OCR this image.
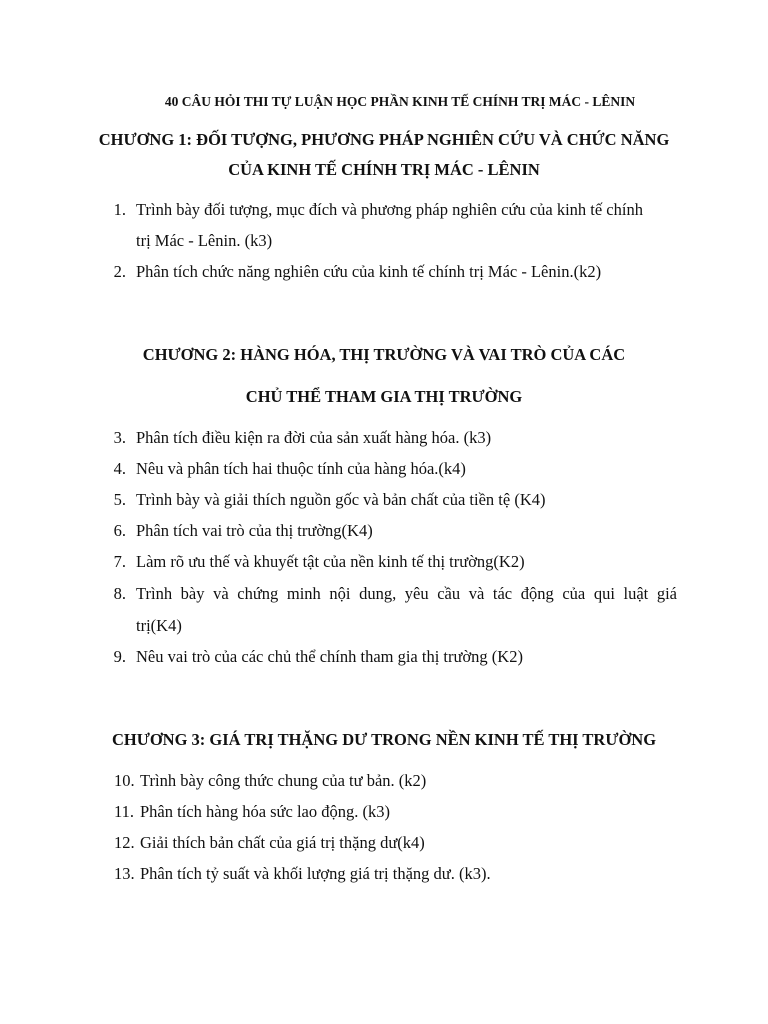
40 CÂU HỎI THI TỰ LUẬN HỌC PHẦN KINH TẾ CHÍNH TRỊ MÁC - LÊNIN
CHƯƠNG 1: ĐỐI TƯỢNG, PHƯƠNG PHÁP NGHIÊN CỨU VÀ CHỨC NĂNG
CỦA KINH TẾ CHÍNH TRỊ MÁC - LÊNIN
1. Trình bày đối tượng, mục đích và phương pháp nghiên cứu của kinh tế chính
trị Mác - Lênin. (k3)
2. Phân tích chức năng nghiên cứu của kinh tế chính trị Mác - Lênin.(k2)
CHƯƠNG 2: HÀNG HÓA, THỊ TRƯỜNG VÀ VAI TRÒ CỦA CÁC
CHỦ THỂ THAM GIA THỊ TRƯỜNG
3. Phân tích điều kiện ra đời của sản xuất hàng hóa. (k3)
4. Nêu và phân tích hai thuộc tính của hàng hóa.(k4)
5. Trình bày và giải thích nguồn gốc và bản chất của tiền tệ (K4)
6. Phân tích vai trò của thị trường(K4)
7. Làm rõ ưu thế và khuyết tật của nền kinh tế thị trường(K2)
8. Trình bày và chứng minh nội dung, yêu cầu và tác động của qui luật giá
trị(K4)
9. Nêu vai trò của các chủ thể chính tham gia thị trường (K2)
CHƯƠNG 3: GIÁ TRỊ THẶNG DƯ TRONG NỀN KINH TẾ THỊ TRƯỜNG
10. Trình bày công thức chung của tư bản. (k2)
11. Phân tích hàng hóa sức lao động. (k3)
12. Giải thích bản chất của giá trị thặng dư(k4)
13. Phân tích tỷ suất và khối lượng giá trị thặng dư. (k3).
